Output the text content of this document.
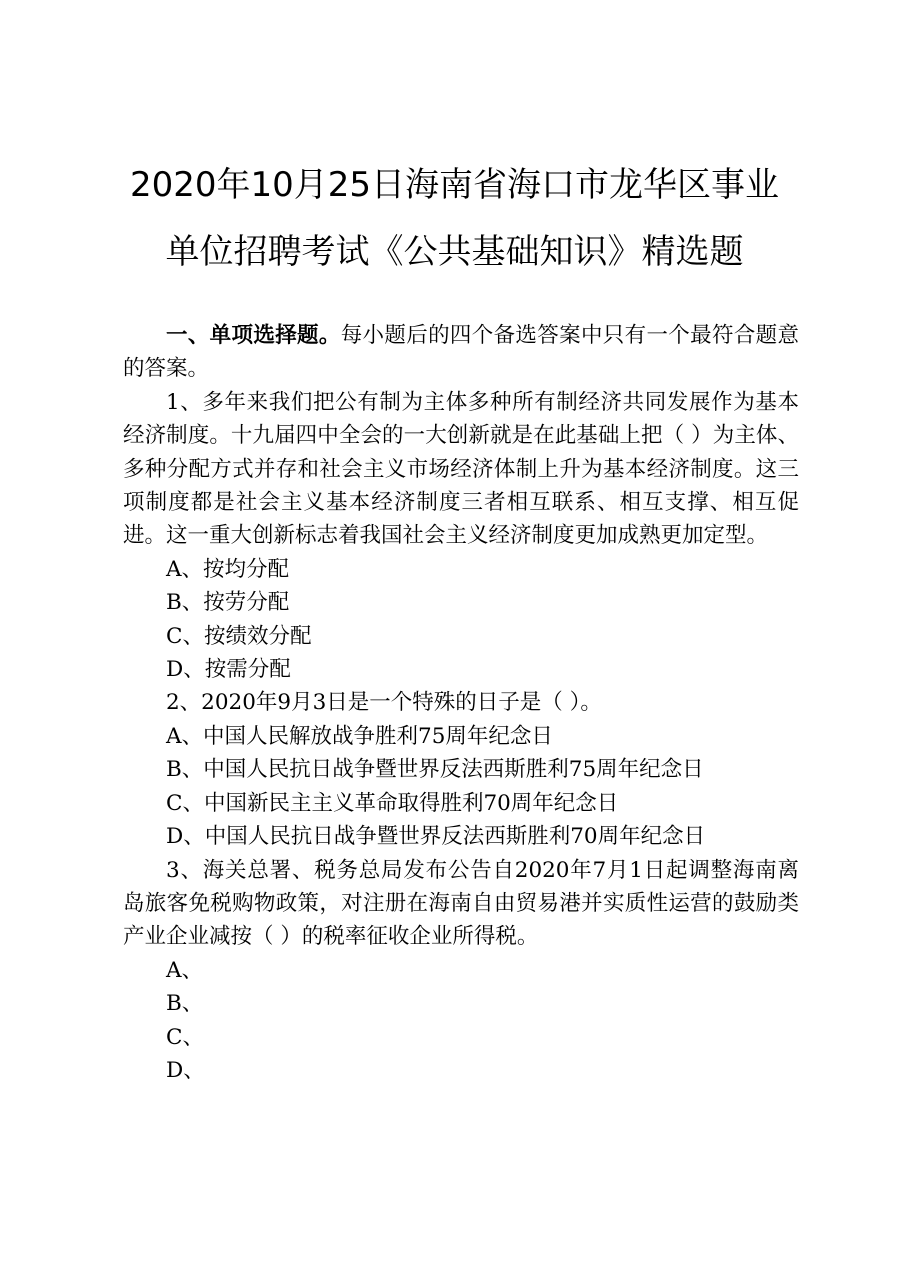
2020年10月25日海南省海口市龙华区事业
单位招聘考试《公共基础知识》精选题

一、单项选择题。每小题后的四个备选答案中只有一个最符合题意的答案。

1、多年来我们把公有制为主体多种所有制经济共同发展作为基本经济制度。十九届四中全会的一大创新就是在此基础上把（ ）为主体、多种分配方式并存和社会主义市场经济体制上升为基本经济制度。这三项制度都是社会主义基本经济制度三者相互联系、相互支撑、相互促进。这一重大创新标志着我国社会主义经济制度更加成熟更加定型。

A、按均分配

B、按劳分配

C、按绩效分配

D、按需分配

2、2020年9月3日是一个特殊的日子是（ ）。

A、中国人民解放战争胜利75周年纪念日

B、中国人民抗日战争暨世界反法西斯胜利75周年纪念日

C、中国新民主主义革命取得胜利70周年纪念日

D、中国人民抗日战争暨世界反法西斯胜利70周年纪念日

3、海关总署、税务总局发布公告自2020年7月1日起调整海南离岛旅客免税购物政策，对注册在海南自由贸易港并实质性运营的鼓励类产业企业减按（ ）的税率征收企业所得税。

A、

B、

C、

D、
